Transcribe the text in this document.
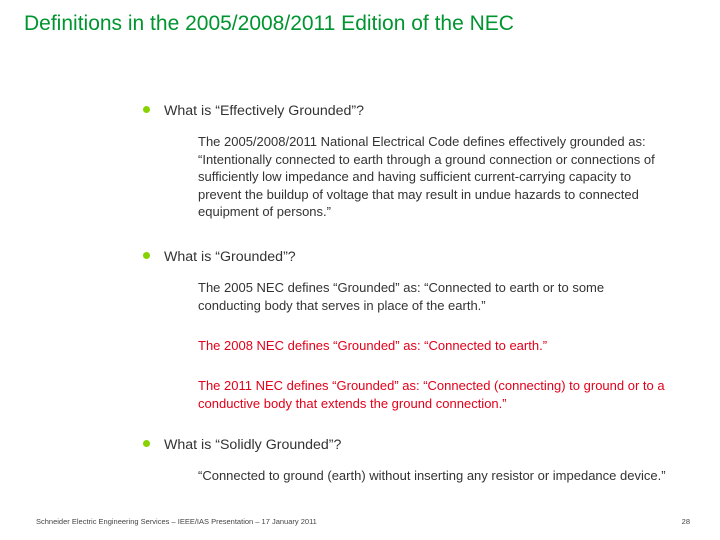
Definitions in the 2005/2008/2011 Edition of the NEC
What is “Effectively Grounded”?

The 2005/2008/2011 National Electrical Code defines effectively grounded as: “Intentionally connected to earth through a ground connection or connections of sufficiently low impedance and having sufficient current-carrying capacity to prevent the buildup of voltage that may result in undue hazards to connected equipment of persons.”

What is “Grounded”?

The 2005 NEC defines “Grounded” as: “Connected to earth or to some conducting body that serves in place of the earth.”

The 2008 NEC defines “Grounded” as: “Connected to earth.”

The 2011 NEC defines “Grounded” as: “Connected (connecting) to ground or to a conductive body that extends the ground connection.”

What is “Solidly Grounded”?

“Connected to ground (earth) without inserting any resistor or impedance device.”

Schneider Electric Engineering Services – IEEE/IAS Presentation – 17 January 2011	28
